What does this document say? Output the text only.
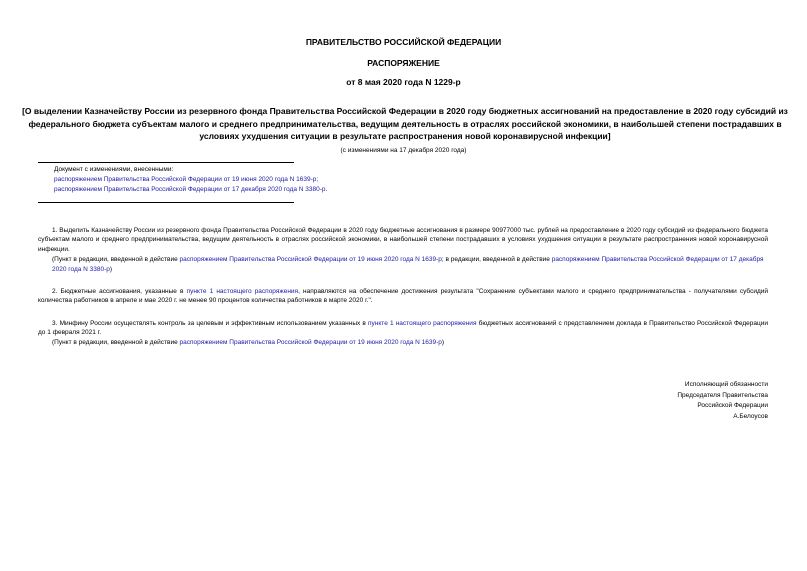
ПРАВИТЕЛЬСТВО РОССИЙСКОЙ ФЕДЕРАЦИИ
РАСПОРЯЖЕНИЕ
от 8 мая 2020 года N 1229-р
[О выделении Казначейству России из резервного фонда Правительства Российской Федерации в 2020 году бюджетных ассигнований на предоставление в 2020 году субсидий из федерального бюджета субъектам малого и среднего предпринимательства, ведущим деятельность в отраслях российской экономики, в наибольшей степени пострадавших в условиях ухудшения ситуации в результате распространения новой коронавирусной инфекции]
(с изменениями на 17 декабря 2020 года)
Документ с изменениями, внесенными:
распоряжением Правительства Российской Федерации от 19 июня 2020 года N 1639-р;
распоряжением Правительства Российской Федерации от 17 декабря 2020 года N 3380-р.

1. Выделить Казначейству России из резервного фонда Правительства Российской Федерации в 2020 году бюджетные ассигнования в размере 90977000 тыс. рублей на предоставление в 2020 году субсидий из федерального бюджета субъектам малого и среднего предпринимательства, ведущим деятельность в отраслях российской экономики, в наибольшей степени пострадавших в условиях ухудшения ситуации в результате распространения новой коронавирусной инфекции.

(Пункт в редакции, введенной в действие распоряжением Правительства Российской Федерации от 19 июня 2020 года N 1639-р; в редакции, введенной в действие распоряжением Правительства Российской Федерации от 17 декабря 2020 года N 3380-р)

2. Бюджетные ассигнования, указанные в пункте 1 настоящего распоряжения, направляются на обеспечение достижения результата "Сохранение субъектами малого и среднего предпринимательства - получателями субсидий количества работников в апреле и мае 2020 г. не менее 90 процентов количества работников в марте 2020 г.".

3. Минфину России осуществлять контроль за целевым и эффективным использованием указанных в пункте 1 настоящего распоряжения бюджетных ассигнований с представлением доклада в Правительство Российской Федерации до 1 февраля 2021 г.

(Пункт в редакции, введенной в действие распоряжением Правительства Российской Федерации от 19 июня 2020 года N 1639-р)
Исполняющий обязанности
Председателя Правительства
Российской Федерации
А.Белоусов
